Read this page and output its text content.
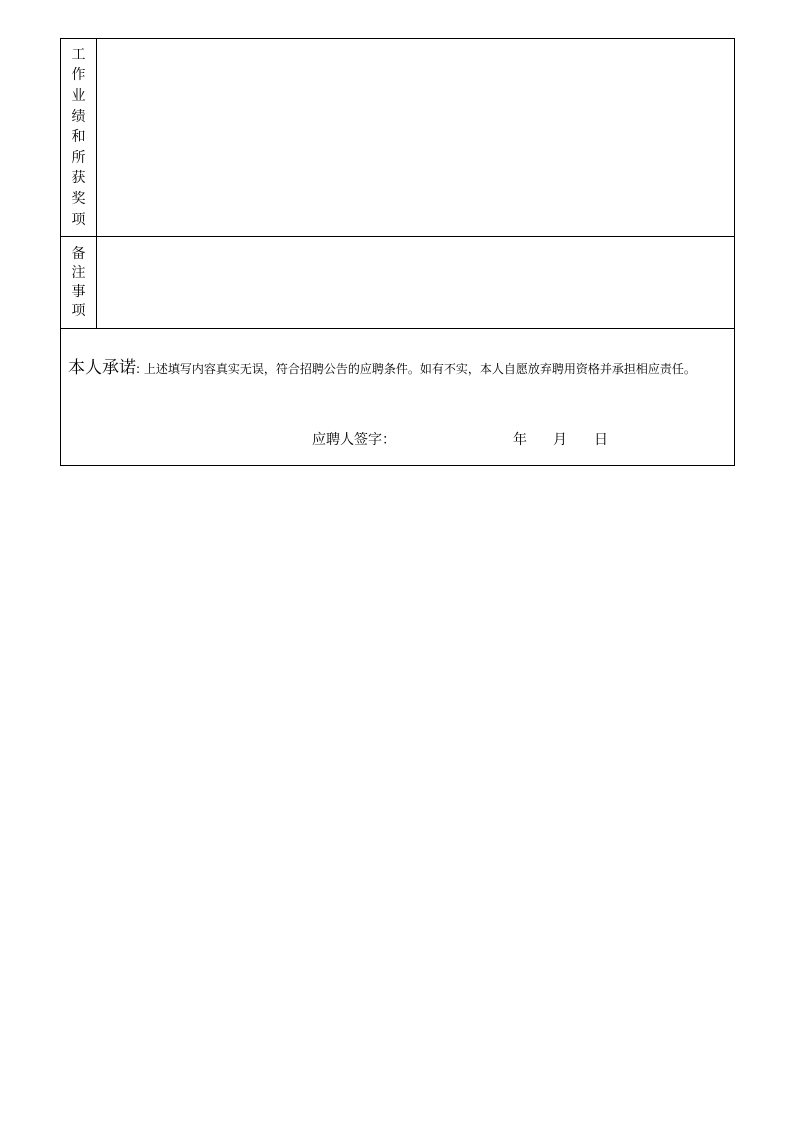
工
作
业
绩
和
所
获
奖
项
备
注
事
项
本人承诺: 上述填写内容真实无误，符合招聘公告的应聘条件。如有不实，本人自愿放弃聘用资格并承担相应责任。
应聘人签字：	年 月 日
